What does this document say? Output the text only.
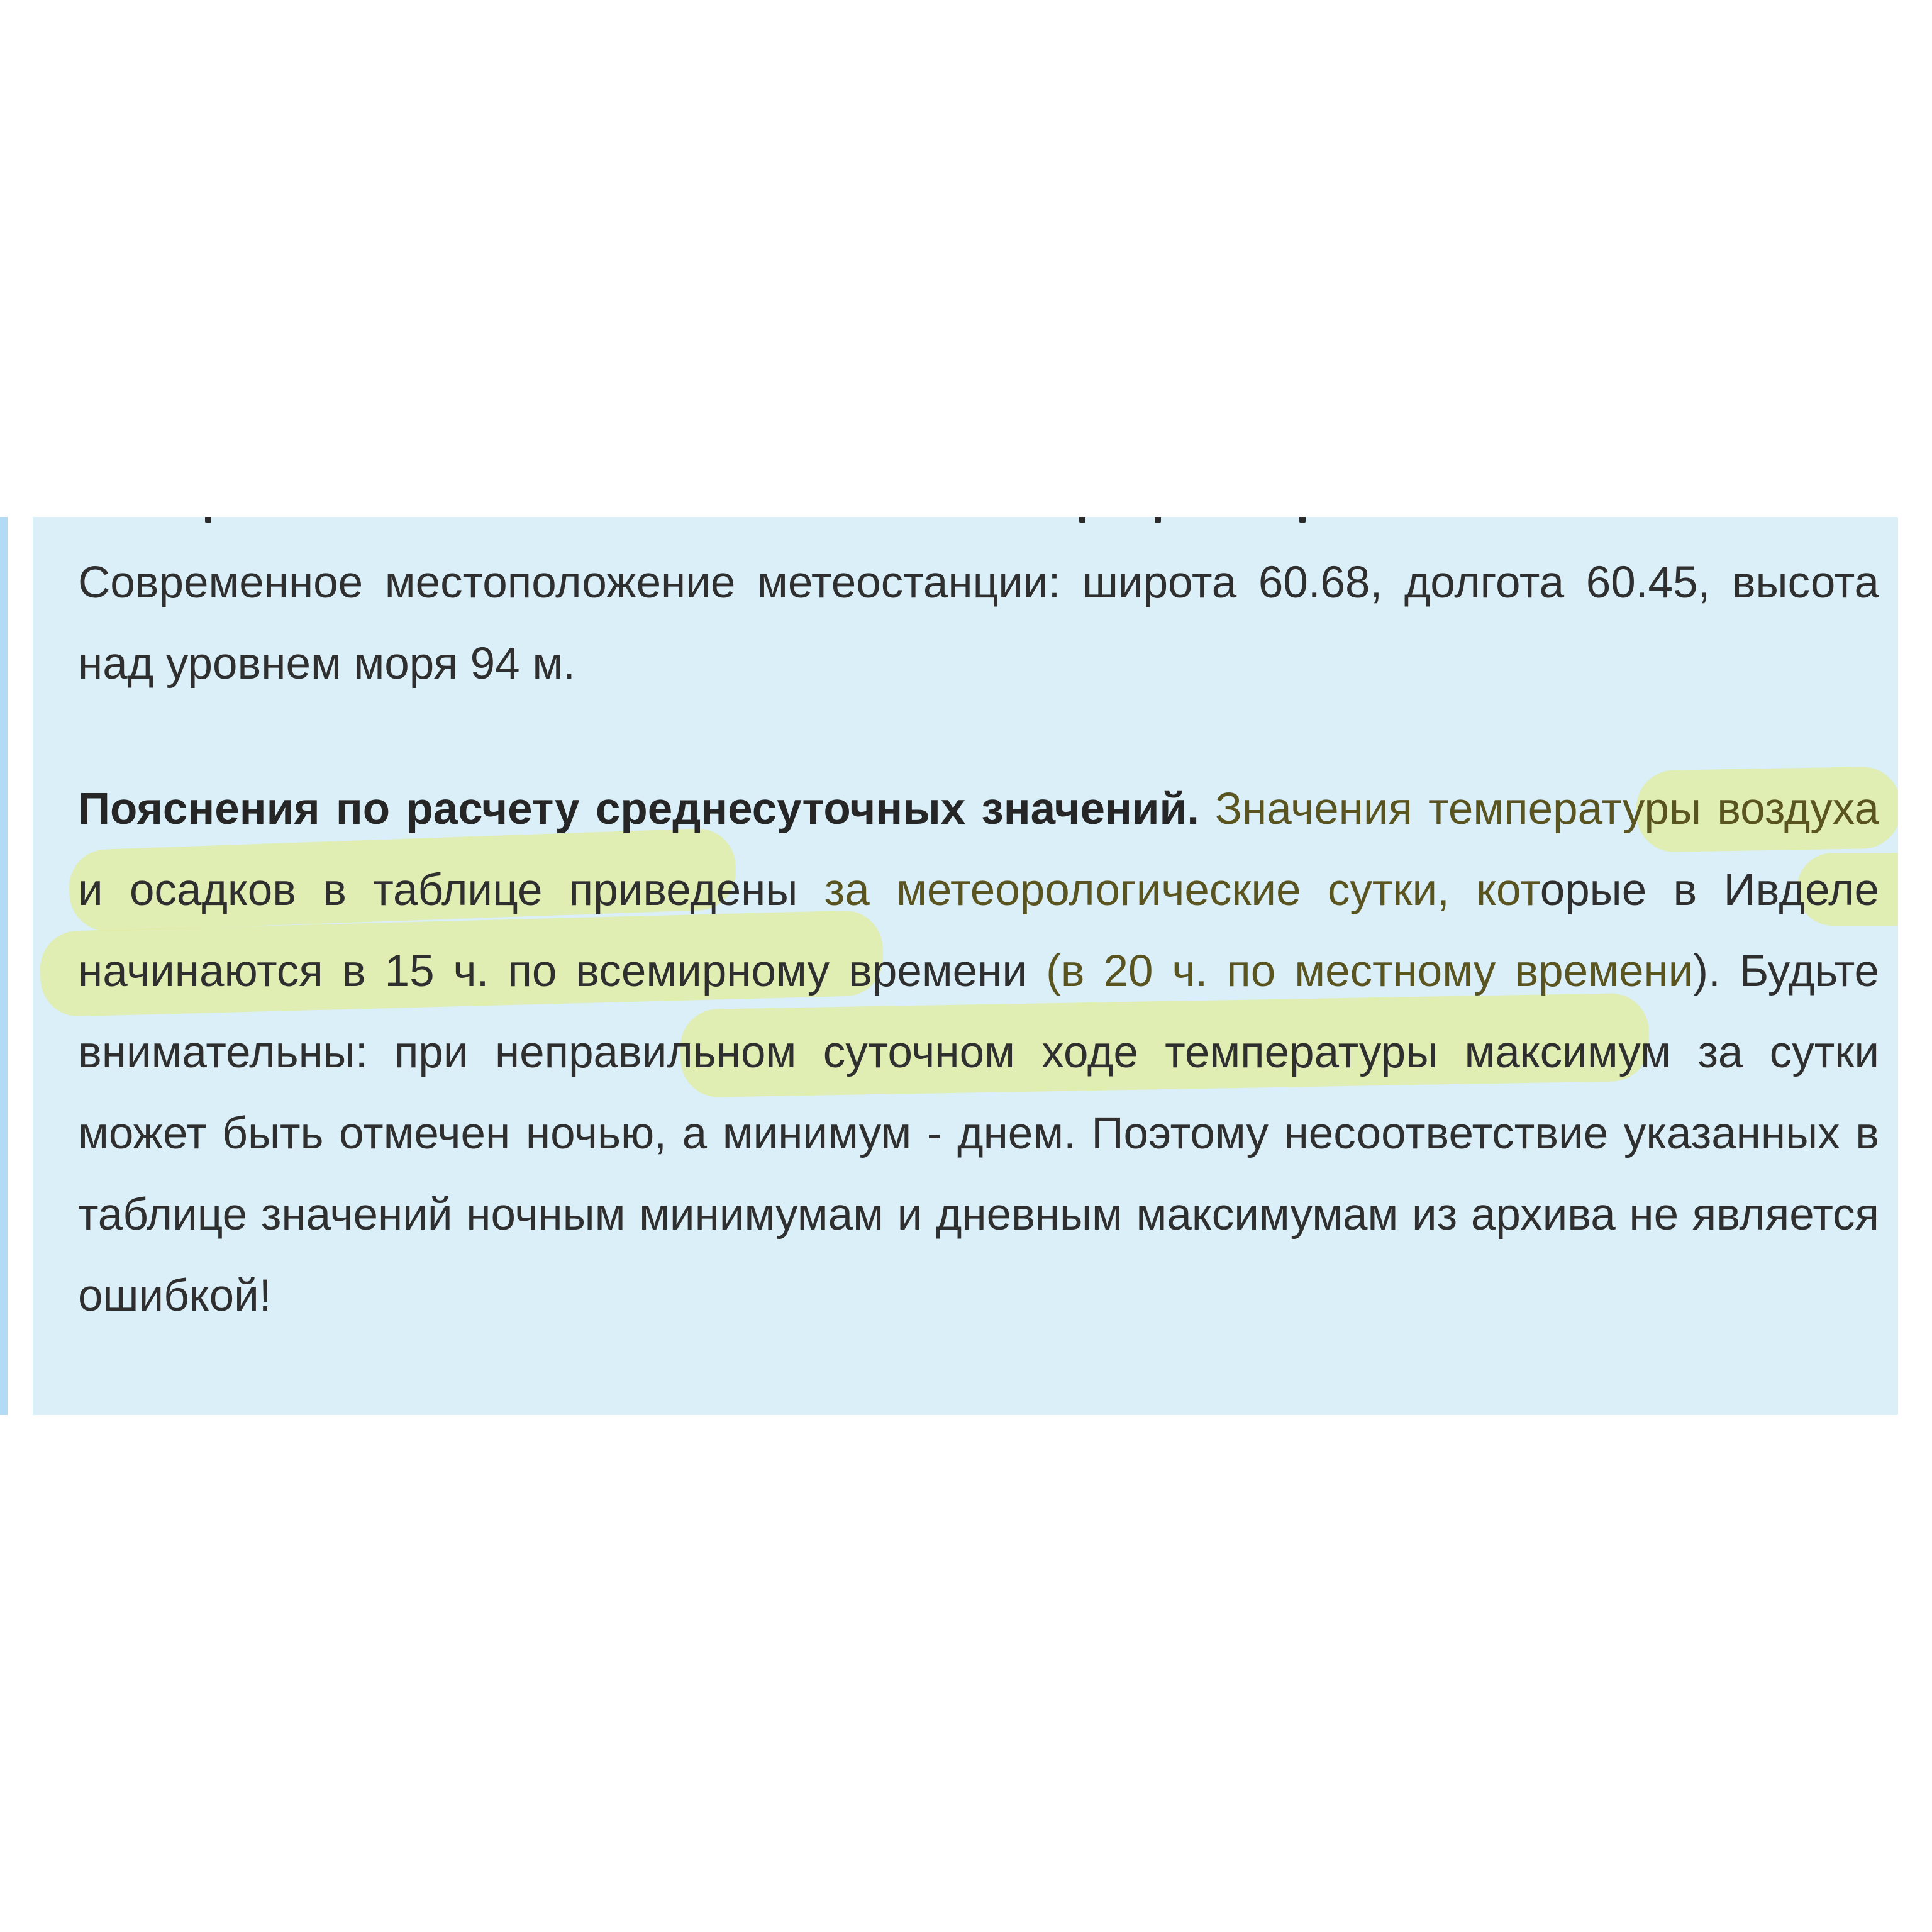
Современное местоположение метеостанции: широта 60.68, долгота 60.45, высота над уровнем моря 94 м.

Пояснения по расчету среднесуточных значений. Значения температуры воздуха и осадков в таблице приведены за метеорологические сутки, которые в Ивделе начинаются в 15 ч. по всемирному времени (в 20 ч. по местному времени). Будьте внимательны: при неправильном суточном ходе температуры максимум за сутки может быть отмечен ночью, а минимум - днем. Поэтому несоответствие указанных в таблице значений ночным минимумам и дневным максимумам из архива не является ошибкой!
